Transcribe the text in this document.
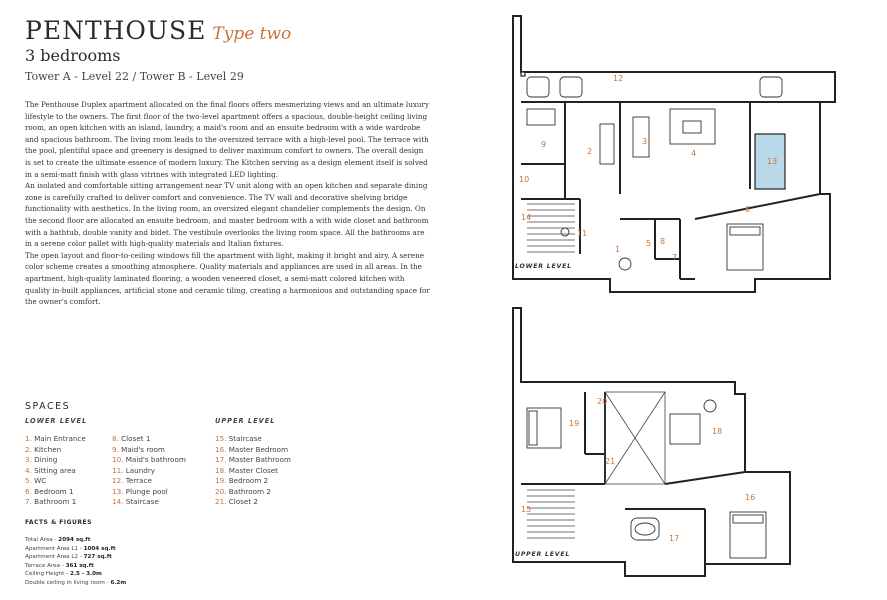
PENTHOUSE Type two
3 bedrooms
Tower A - Level 22 / Tower B - Level 29

The Penthouse Duplex apartment allocated on the final floors offers mesmerizing views and an ultimate luxury lifestyle to the owners. The first floor of the two-level apartment offers a spacious, double-height ceiling living room, an open kitchen with an island, laundry, a maid's room and an ensuite bedroom with a wide wardrobe and spacious bathroom. The living room leads to the oversized terrace with a high-level pool. The terrace with the pool, plentiful space and greenery is designed to deliver maximum comfort to owners. The overall design is set to create the ultimate essence of modern luxury. The Kitchen serving as a design element itself is solved in a semi-matt finish with glass vitrines with integrated LED lighting.

An isolated and comfortable sitting arrangement near TV unit along with an open kitchen and separate dining zone is carefully crafted to deliver comfort and convenience. The TV wall and decorative shelving bridge functionality with aesthetics. In the living room, an oversized elegant chandelier complements the design. On the second floor are allocated an ensuite bedroom, and master bedroom with a with wide closet and bathroom with a bathtub, double vanity and bidet. The vestibule overlooks the living room space. All the bathrooms are in a serene color pallet with high-quality materials and Italian fixtures.

The open layout and floor-to-ceiling windows fill the apartment with light, making it bright and airy. A serene color scheme creates a smoothing atmosphere. Quality materials and appliances are used in all areas. In the apartment, high-quality laminated flooring, a wooden veneered closet, a semi-matt colored kitchen with quality in-built appliances, artificial stone and ceramic tiling, creating a harmonious and outstanding space for the owner's comfort.

SPACES
LOWER LEVEL	UPPER LEVEL
1. Main Entrance
2. Kitchen
3. Dining
4. Sitting area
5. WC
6. Bedroom 1
7. Bathroom 1
8. Closet 1
9. Maid's room
10. Maid's bathroom
11. Laundry
12. Terrace
13. Plunge pool
14. Staircase
15. Staircase
16. Master Bedroom
17. Master Bathroom
18. Master Closet
19. Bedroom 2
20. Bathroom 2
21. Closet 2
FACTS & FIGURES
Total Area - 2094 sq.ft
Apartment Area L1 - 1004 sq.ft
Apartment Area L2 - 727 sq.ft
Terrace Area - 361 sq.ft
Ceiling Height - 2.5 - 3.0m
Double ceiling in living room - 6.2m
1
2
3
4
5
6
7
8
9
10
11
12
13
14
LOWER LEVEL
15
16
17
18
19
20
21
UPPER LEVEL
